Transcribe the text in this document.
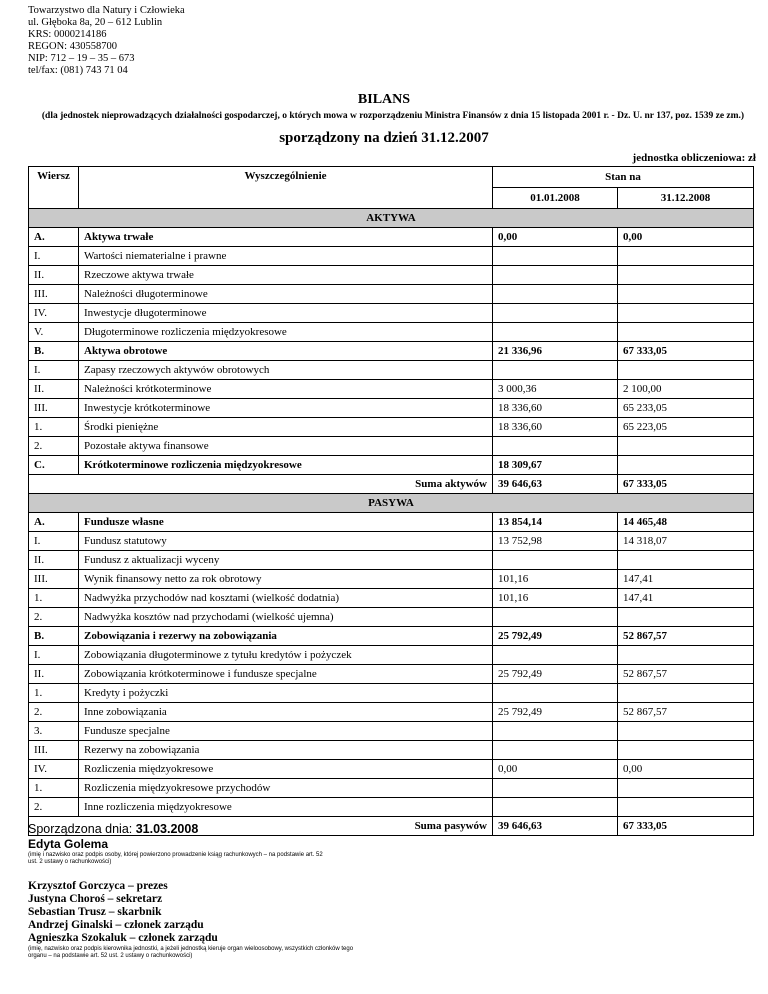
Towarzystwo dla Natury i Człowieka
ul. Głęboka 8a, 20 – 612 Lublin
KRS: 0000214186
REGON: 430558700
NIP: 712 – 19 – 35 – 673
tel/fax: (081) 743 71 04
BILANS
(dla jednostek nieprowadzących działalności gospodarczej, o których mowa w rozporządzeniu Ministra Finansów z dnia 15 listopada 2001 r. - Dz. U. nr 137, poz. 1539 ze zm.)
sporządzony na dzień 31.12.2007
jednostka obliczeniowa: zł
Wiersz	Wyszczególnienie	Stan na	
		01.01.2008	31.12.2008
AKTYWA			
A.	Aktywa trwałe	0,00	0,00
I.	Wartości niematerialne i prawne		
II.	Rzeczowe aktywa trwałe		
III.	Należności długoterminowe		
IV.	Inwestycje długoterminowe		
V.	Długoterminowe rozliczenia międzyokresowe		
B.	Aktywa obrotowe	21 336,96	67 333,05
I.	Zapasy rzeczowych aktywów obrotowych		
II.	Należności krótkoterminowe	3 000,36	2 100,00
III.	Inwestycje krótkoterminowe	18 336,60	65 233,05
1.	Środki pieniężne	18 336,60	65 223,05
2.	Pozostałe aktywa finansowe		
C.	Krótkoterminowe rozliczenia międzyokresowe	18 309,67	
Suma aktywów		39 646,63	67 333,05
PASYWA			
A.	Fundusze własne	13 854,14	14 465,48
I.	Fundusz statutowy	13 752,98	14 318,07
II.	Fundusz z aktualizacji wyceny		
III.	Wynik finansowy netto za rok obrotowy	101,16	147,41
1.	Nadwyżka przychodów nad kosztami (wielkość dodatnia)	101,16	147,41
2.	Nadwyżka kosztów nad przychodami (wielkość ujemna)		
B.	Zobowiązania i rezerwy na zobowiązania	25 792,49	52 867,57
I.	Zobowiązania długoterminowe z tytułu kredytów i pożyczek		
II.	Zobowiązania krótkoterminowe i fundusze specjalne	25 792,49	52 867,57
1.	Kredyty i pożyczki		
2.	Inne zobowiązania	25 792,49	52 867,57
3.	Fundusze specjalne		
III.	Rezerwy na zobowiązania		
IV.	Rozliczenia międzyokresowe	0,00	0,00
1.	Rozliczenia międzyokresowe przychodów		
2.	Inne rozliczenia międzyokresowe		
Suma pasywów		39 646,63	67 333,05
Sporządzona dnia: 31.03.2008
Edyta Golema
(imię i nazwisko oraz podpis osoby, której powierzono prowadzenie ksiąg rachunkowych – na podstawie art. 52 ust. 2 ustawy o rachunkowości)
Krzysztof Gorczyca – prezes
Justyna Choroś – sekretarz
Sebastian Trusz – skarbnik
Andrzej Ginalski – członek zarządu
Agnieszka Szokaluk – członek zarządu
(imię, nazwisko oraz podpis kierownika jednostki, a jeżeli jednostką kieruje organ wieloosobowy, wszystkich członków tego organu – na podstawie art. 52 ust. 2 ustawy o rachunkowości)
